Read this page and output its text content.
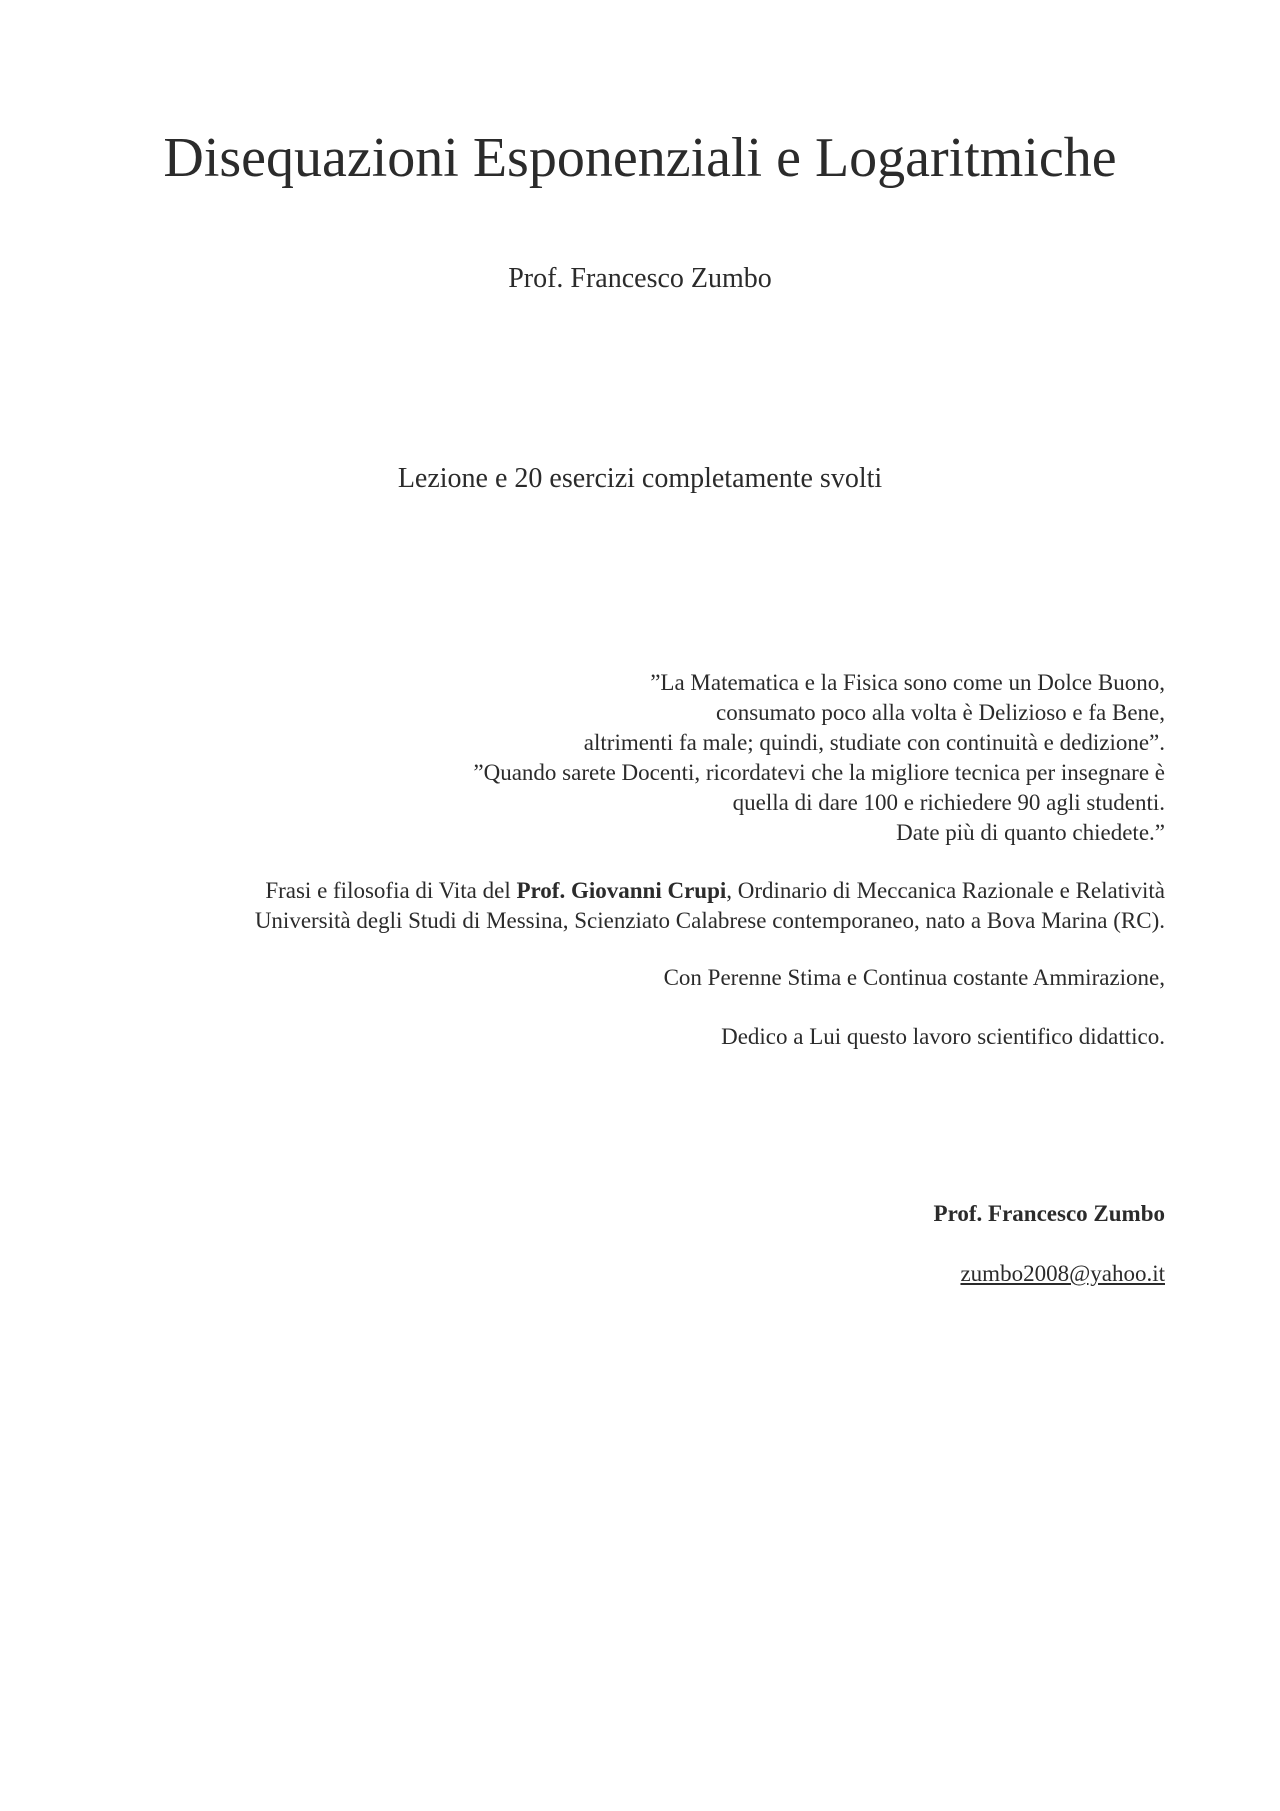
Disequazioni Esponenziali e Logaritmiche
Prof. Francesco Zumbo
Lezione e 20 esercizi completamente svolti
”La Matematica e la Fisica sono come un Dolce Buono,
consumato poco alla volta è Delizioso e fa Bene,
altrimenti fa male; quindi, studiate con continuità e dedizione”.
”Quando sarete Docenti, ricordatevi che la migliore tecnica per insegnare è
quella di dare 100 e richiedere 90 agli studenti.
Date più di quanto chiedete.”
Frasi e filosofia di Vita del Prof. Giovanni Crupi, Ordinario di Meccanica Razionale e Relatività
Università degli Studi di Messina, Scienziato Calabrese contemporaneo, nato a Bova Marina (RC).
Con Perenne Stima e Continua costante Ammirazione,
Dedico a Lui questo lavoro scientifico didattico.
Prof. Francesco Zumbo
zumbo2008@yahoo.it
